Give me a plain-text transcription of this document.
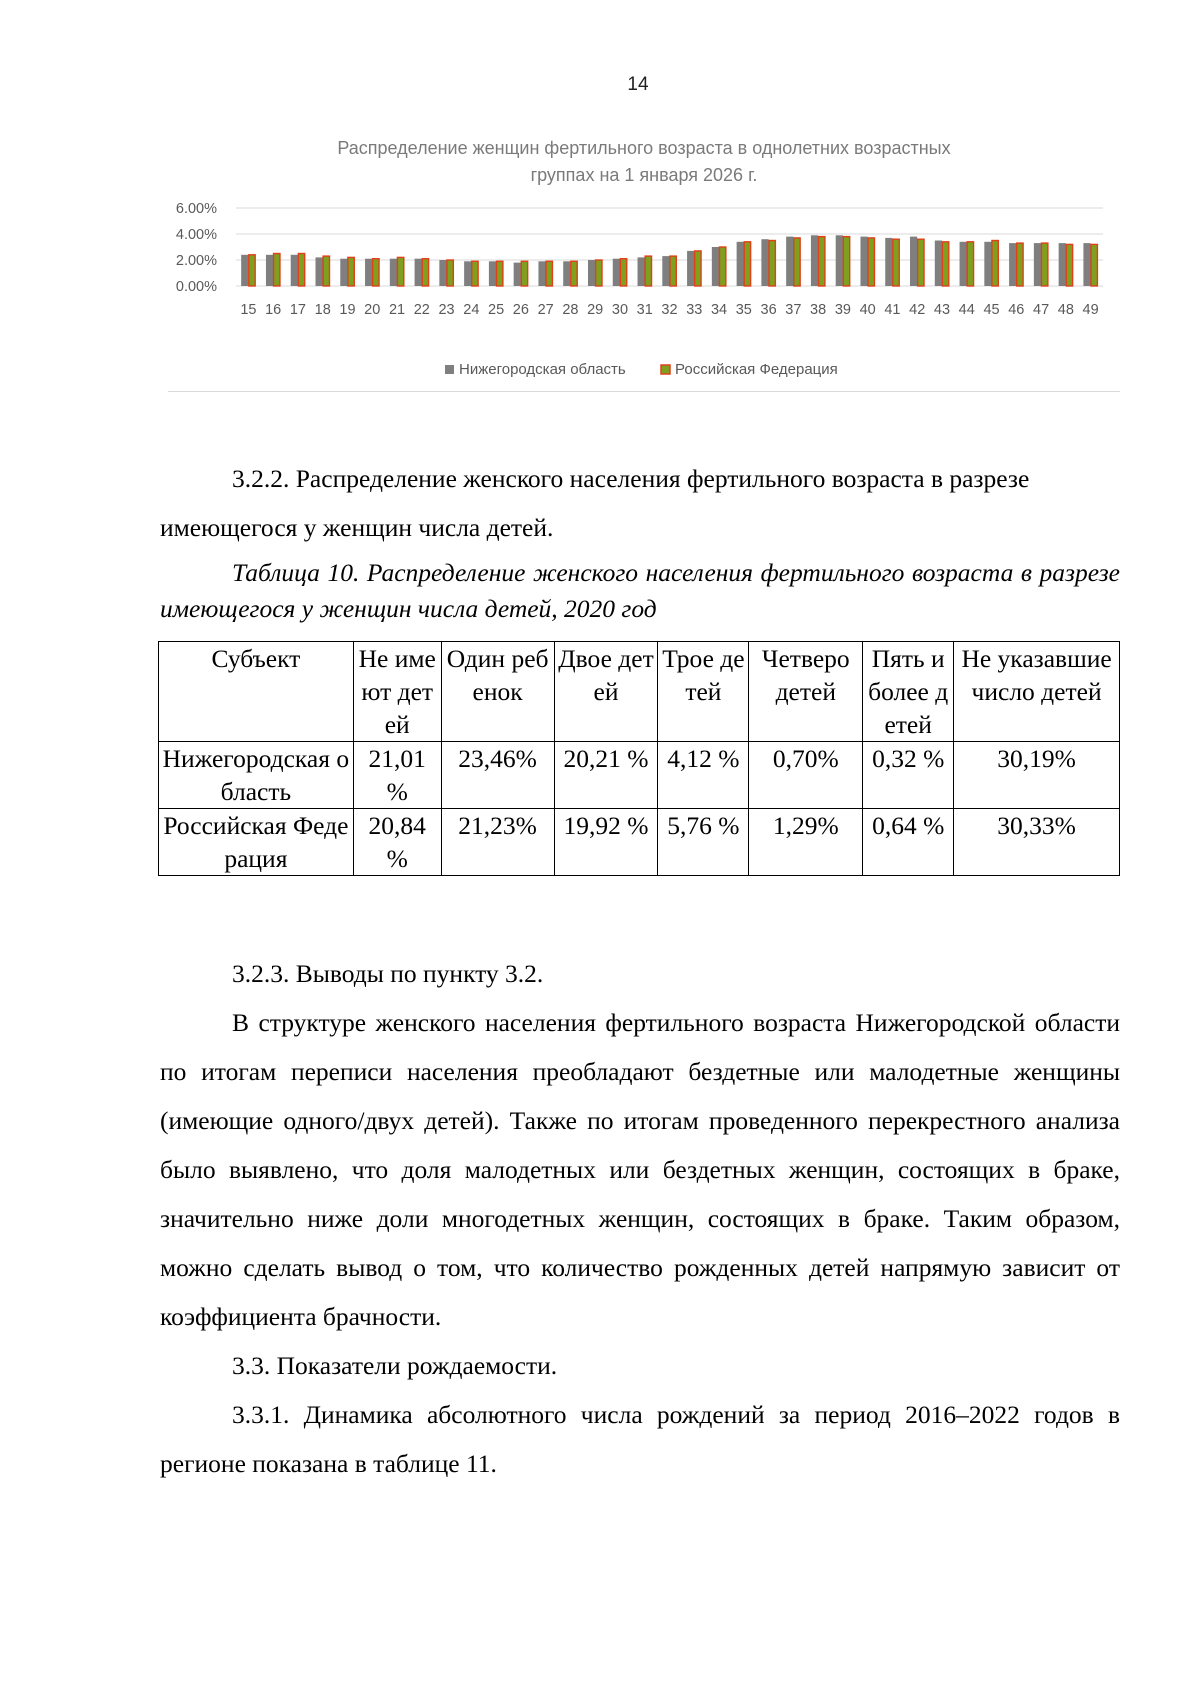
14
Распределение женщин фертильного возраста в однолетних возрастных
группах на 1 января 2026 г.
6.00%
4.00%
2.00%
0.00%
15 16 17 18 19 20 21 22 23 24 25 26 27 28 29 30 31 32 33 34 35 36 37 38 39 40 41 42 43 44 45 46 47 48 49
Нижегородская область	Российская Федерация
3.2.2. Распределение женского населения фертильного возраста в разрезе
имеющегося у женщин числа детей.
Таблица 10. Распределение женского населения фертильного возраста в разрезе имеющегося у женщин числа детей, 2020 год
Субъект	Не имеют детей	Один ребенок	Двое детей	Трое детей	Четверо детей	Пять и более детей	Не указавшие число детей
Нижегородская область	21,01 %	23,46%	20,21 %	4,12 %	0,70%	0,32 %	30,19%
Российская Федерация	20,84 %	21,23%	19,92 %	5,76 %	1,29%	0,64 %	30,33%
3.2.3. Выводы по пункту 3.2.
В структуре женского населения фертильного возраста Нижегородской области по итогам переписи населения преобладают бездетные или малодетные женщины (имеющие одного/двух детей). Также по итогам проведенного перекрестного анализа было выявлено, что доля малодетных или бездетных женщин, состоящих в браке, значительно ниже доли многодетных женщин, состоящих в браке. Таким образом, можно сделать вывод о том, что количество рожденных детей напрямую зависит от коэффициента брачности.
3.3. Показатели рождаемости.
3.3.1. Динамика абсолютного числа рождений за период 2016–2022 годов в регионе показана в таблице 11.
